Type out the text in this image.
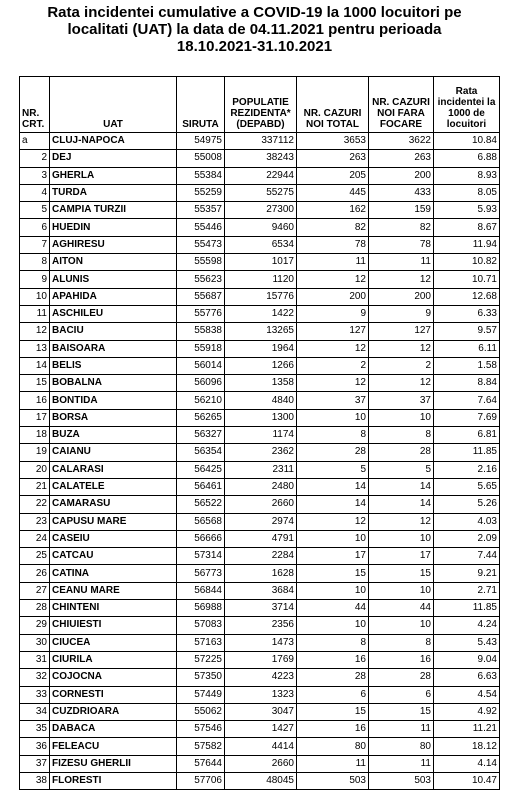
Rata incidentei cumulative a COVID-19 la 1000 locuitori pe
localitati (UAT) la data de 04.11.2021 pentru perioada
18.10.2021-31.10.2021
NR. CRT.	UAT	SIRUTA	POPULATIE REZIDENTA* (DEPABD)	NR. CAZURI NOI TOTAL	NR. CAZURI NOI FARA FOCARE	Rata incidentei la 1000 de locuitori
a	CLUJ-NAPOCA	54975	337112	3653	3622	10.84
2	DEJ	55008	38243	263	263	6.88
3	GHERLA	55384	22944	205	200	8.93
4	TURDA	55259	55275	445	433	8.05
5	CAMPIA TURZII	55357	27300	162	159	5.93
6	HUEDIN	55446	9460	82	82	8.67
7	AGHIRESU	55473	6534	78	78	11.94
8	AITON	55598	1017	11	11	10.82
9	ALUNIS	55623	1120	12	12	10.71
10	APAHIDA	55687	15776	200	200	12.68
11	ASCHILEU	55776	1422	9	9	6.33
12	BACIU	55838	13265	127	127	9.57
13	BAISOARA	55918	1964	12	12	6.11
14	BELIS	56014	1266	2	2	1.58
15	BOBALNA	56096	1358	12	12	8.84
16	BONTIDA	56210	4840	37	37	7.64
17	BORSA	56265	1300	10	10	7.69
18	BUZA	56327	1174	8	8	6.81
19	CAIANU	56354	2362	28	28	11.85
20	CALARASI	56425	2311	5	5	2.16
21	CALATELE	56461	2480	14	14	5.65
22	CAMARASU	56522	2660	14	14	5.26
23	CAPUSU MARE	56568	2974	12	12	4.03
24	CASEIU	56666	4791	10	10	2.09
25	CATCAU	57314	2284	17	17	7.44
26	CATINA	56773	1628	15	15	9.21
27	CEANU MARE	56844	3684	10	10	2.71
28	CHINTENI	56988	3714	44	44	11.85
29	CHIUIESTI	57083	2356	10	10	4.24
30	CIUCEA	57163	1473	8	8	5.43
31	CIURILA	57225	1769	16	16	9.04
32	COJOCNA	57350	4223	28	28	6.63
33	CORNESTI	57449	1323	6	6	4.54
34	CUZDRIOARA	55062	3047	15	15	4.92
35	DABACA	57546	1427	16	11	11.21
36	FELEACU	57582	4414	80	80	18.12
37	FIZESU GHERLII	57644	2660	11	11	4.14
38	FLORESTI	57706	48045	503	503	10.47
